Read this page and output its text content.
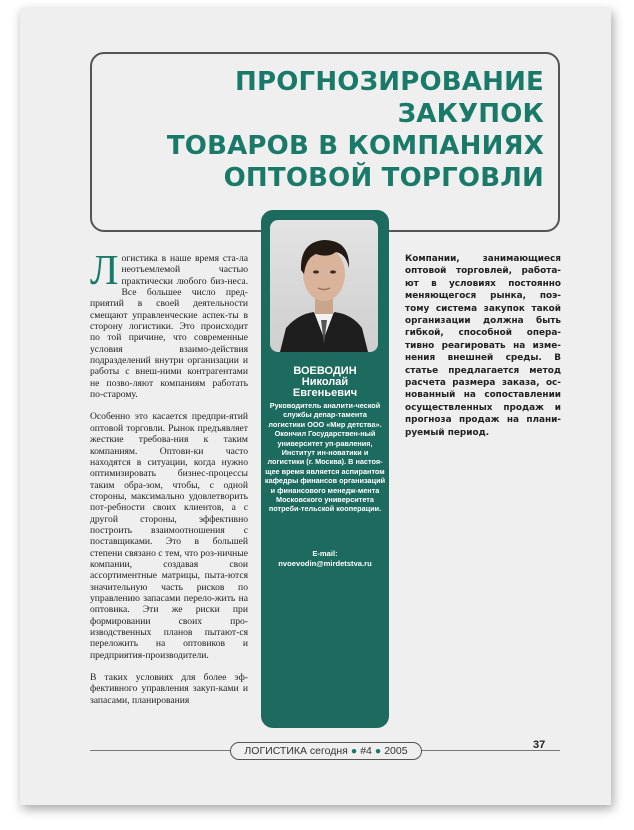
ПРОГНОЗИРОВАНИЕ ЗАКУПОК
ТОВАРОВ В КОМПАНИЯХ
ОПТОВОЙ ТОРГОВЛИ
ВОЕВОДИН
Николай
Евгеньевич
Руководитель аналити-ческой службы депар-тамента логистики ООО «Мир детства». Окончил Государствен-ный университет уп-равления, Институт ин-новатики и логистики (г. Москва). В настоя-щее время является аспирантом кафедры финансов организаций и финансового менедж-мента Московского университета потреби-тельской кооперации.
E-mail:
nvoevodin@mirdetstva.ru

Логистика в наше время ста-ла неотъемлемой частью практически любого биз-неса. Все большее число пред-приятий в своей деятельности смещают управленческие аспек-ты в сторону логистики. Это происходит по той причине, что современные условия взаимо-действия подразделений внутри организации и работы с внеш-ними контрагентами не позво-ляют компаниям работать по-старому.

Особенно это касается предпри-ятий оптовой торговли. Рынок предъявляет жесткие требова-ния к таким компаниям. Оптови-ки часто находятся в ситуации, когда нужно оптимизировать бизнес-процессы таким обра-зом, чтобы, с одной стороны, максимально удовлетворить пот-ребности своих клиентов, а с другой стороны, эффективно построить взаимоотношения с поставщиками. Это в большей степени связано с тем, что роз-ничные компании, создавая свои ассортиментные матрицы, пыта-ются значительную часть рисков по управлению запасами перело-жить на оптовика. Эти же риски при формировании своих про-изводственных планов пытают-ся переложить на оптовиков и предприятия-производители.

В таких условиях для более эф-фективного управления закуп-ками и запасами, планирования

Компании, занимающиеся оптовой торговлей, работа-ют в условиях постоянно меняющегося рынка, поэ-тому система закупок такой организации должна быть гибкой, способной опера-тивно реагировать на изме-нения внешней среды. В статье предлагается метод расчета размера заказа, ос-нованный на сопоставлении осуществленных продаж и прогноза продаж на плани-руемый период.
ЛОГИСТИКА сегодня ● #4 ● 2005	37
